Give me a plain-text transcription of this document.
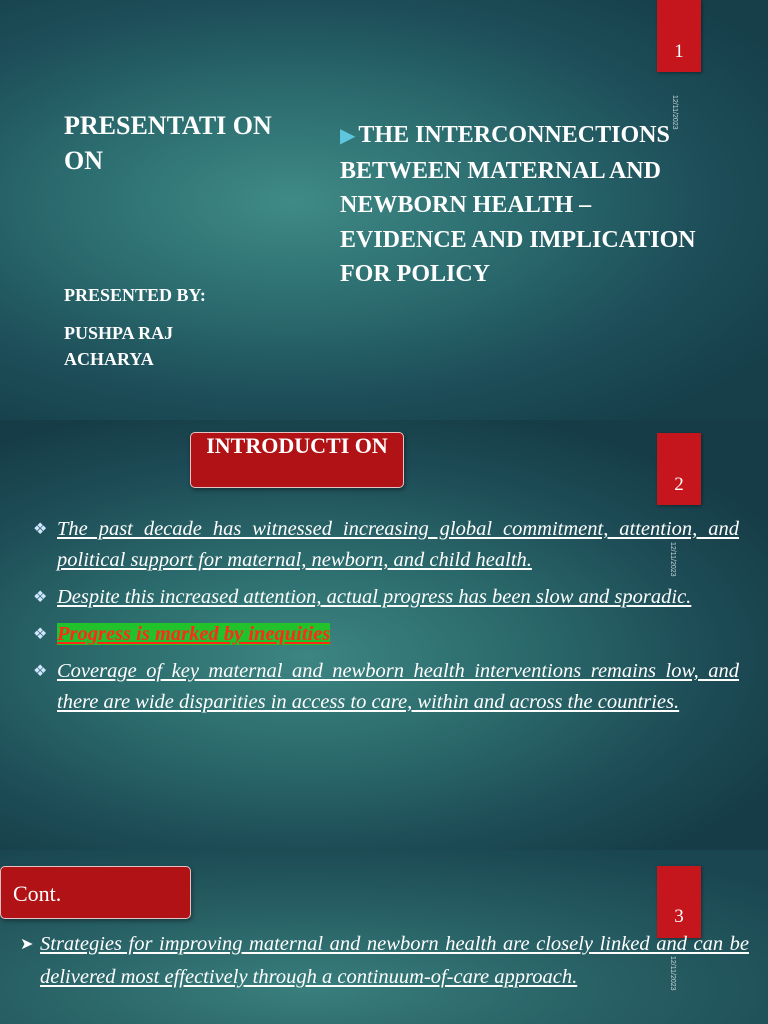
1
12/11/2023
PRESENTATI ON ON
PRESENTED BY:
PUSHPA RAJ ACHARYA
▶ THE INTERCONNECTIONS BETWEEN MATERNAL AND NEWBORN HEALTH – EVIDENCE AND IMPLICATION FOR POLICY
2
12/11/2023
INTRODUCTI ON
❖ The past decade has witnessed increasing global commitment, attention, and political support for maternal, newborn, and child health.
❖ Despite this increased attention, actual progress has been slow and sporadic.
❖ Progress is marked by inequities
❖ Coverage of key maternal and newborn health interventions remains low, and there are wide disparities in access to care, within and across the countries.
3
12/11/2023
Cont.
➤ Strategies for improving maternal and newborn health are closely linked and can be delivered most effectively through a continuum-of-care approach.
